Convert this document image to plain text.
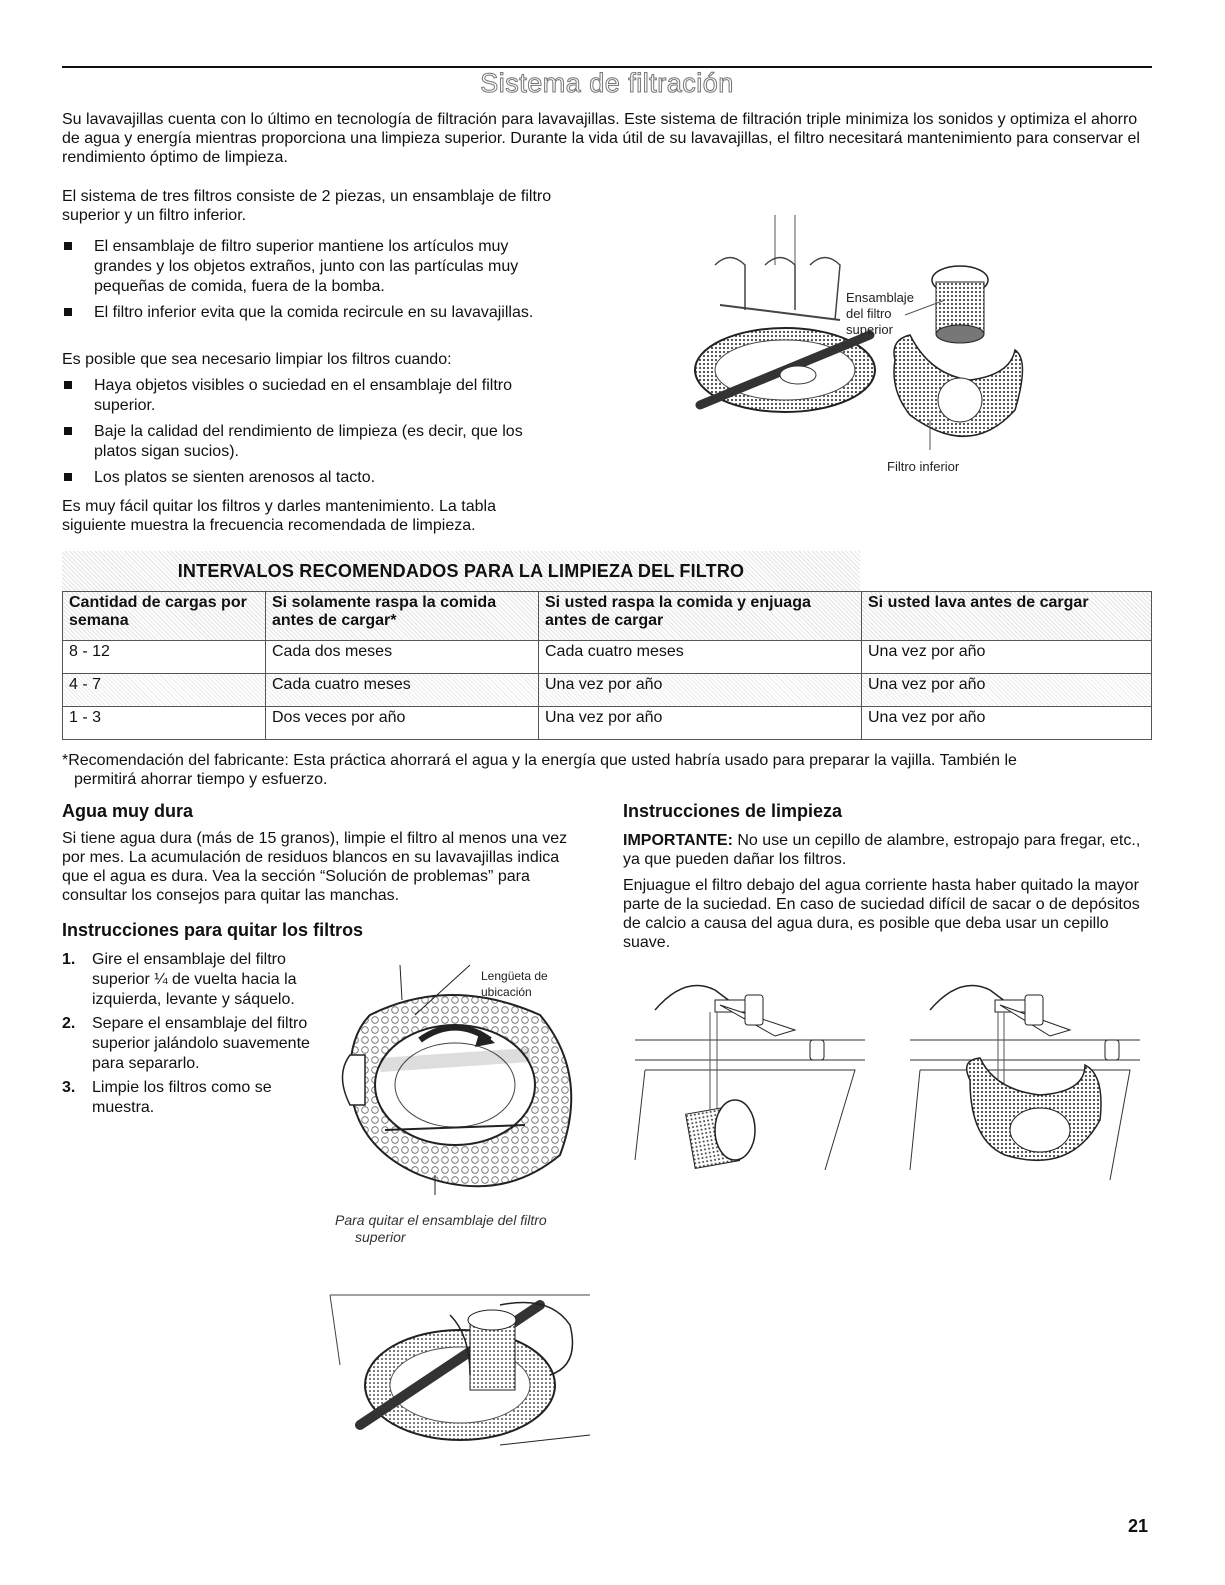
Sistema de filtración

Su lavavajillas cuenta con lo último en tecnología de filtración para lavavajillas. Este sistema de filtración triple minimiza los sonidos y optimiza el ahorro de agua y energía mientras proporciona una limpieza superior. Durante la vida útil de su lavavajillas, el filtro necesitará mantenimiento para conservar el rendimiento óptimo de limpieza.

El sistema de tres filtros consiste de 2 piezas, un ensamblaje de filtro superior y un filtro inferior.

El ensamblaje de filtro superior mantiene los artículos muy grandes y los objetos extraños, junto con las partículas muy pequeñas de comida, fuera de la bomba.
El filtro inferior evita que la comida recircule en su lavavajillas.

Es posible que sea necesario limpiar los filtros cuando:

Haya objetos visibles o suciedad en el ensamblaje del filtro superior.
Baje la calidad del rendimiento de limpieza (es decir, que los platos sigan sucios).
Los platos se sienten arenosos al tacto.

Es muy fácil quitar los filtros y darles mantenimiento. La tabla siguiente muestra la frecuencia recomendada de limpieza.

Ensamblaje
del filtro
superior
Filtro inferior
INTERVALOS RECOMENDADOS PARA LA LIMPIEZA DEL FILTRO
Cantidad de cargas por semana	Si solamente raspa la comida antes de cargar*	Si usted raspa la comida y enjuaga antes de cargar	Si usted lava antes de cargar
8 - 12	Cada dos meses	Cada cuatro meses	Una vez por año
4 - 7	Cada cuatro meses	Una vez por año	Una vez por año
1 - 3	Dos veces por año	Una vez por año	Una vez por año
*Recomendación del fabricante: Esta práctica ahorrará el agua y la energía que usted habría usado para preparar la vajilla. También le
permitirá ahorrar tiempo y esfuerzo.
Agua muy dura

Si tiene agua dura (más de 15 granos), limpie el filtro al menos una vez por mes. La acumulación de residuos blancos en su lavavajillas indica que el agua es dura. Vea la sección “Solución de problemas” para consultar los consejos para quitar las manchas.

Instrucciones para quitar los filtros
1. Gire el ensamblaje del filtro superior ¼ de vuelta hacia la izquierda, levante y sáquelo.
2. Separe el ensamblaje del filtro superior jalándolo suavemente para separarlo.
3. Limpie los filtros como se muestra.
Lengüeta de
ubicación
Para quitar el ensamblaje del filtro
superior
Instrucciones de limpieza

IMPORTANTE: No use un cepillo de alambre, estropajo para fregar, etc., ya que pueden dañar los filtros.

Enjuague el filtro debajo del agua corriente hasta haber quitado la mayor parte de la suciedad. En caso de suciedad difícil de sacar o de depósitos de calcio a causa del agua dura, es posible que deba usar un cepillo suave.

21
